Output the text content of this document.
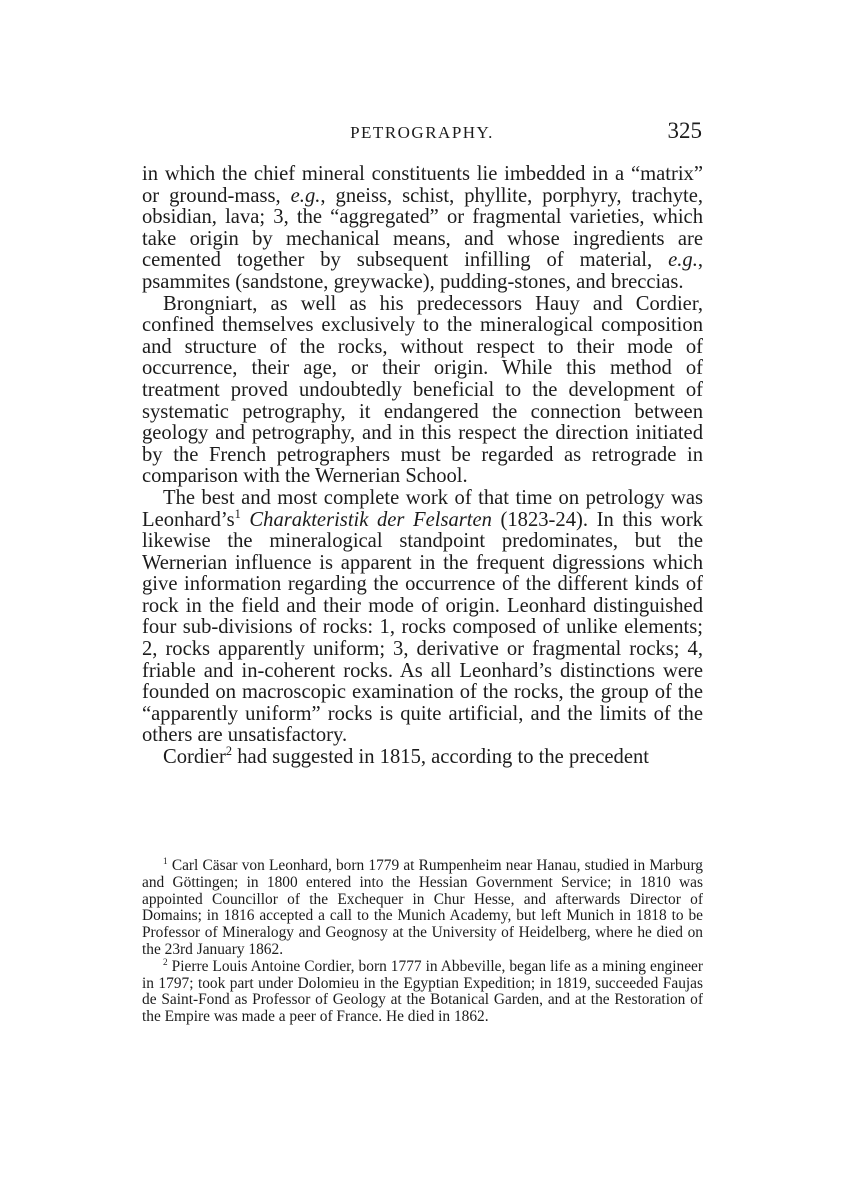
PETROGRAPHY.	325

in which the chief mineral constituents lie imbedded in a “matrix” or ground-mass, e.g., gneiss, schist, phyllite, porphyry, trachyte, obsidian, lava; 3, the “aggregated” or fragmental varieties, which take origin by mechanical means, and whose ingredients are cemented together by subsequent infilling of material, e.g., psammites (sandstone, greywacke), pudding-stones, and breccias.

Brongniart, as well as his predecessors Hauy and Cordier, confined themselves exclusively to the mineralogical composition and structure of the rocks, without respect to their mode of occurrence, their age, or their origin. While this method of treatment proved undoubtedly beneficial to the development of systematic petrography, it endangered the connection between geology and petrography, and in this respect the direction initiated by the French petrographers must be regarded as retrograde in comparison with the Wernerian School.

The best and most complete work of that time on petrology was $Leonhard’s^1$ Charakteristik der Felsarten (1823-24). In this work likewise the mineralogical standpoint predominates, but the Wernerian influence is apparent in the frequent digressions which give information regarding the occurrence of the different kinds of rock in the field and their mode of origin. Leonhard distinguished four sub-divisions of rocks: 1, rocks composed of unlike elements; 2, rocks apparently uniform; 3, derivative or fragmental rocks; 4, friable and in-coherent rocks. As all Leonhard’s distinctions were founded on macroscopic examination of the rocks, the group of the “apparently uniform” rocks is quite artificial, and the limits of the others are unsatisfactory.

Cordier$^2$ had suggested in 1815, according to the precedent

$^1$ Carl Cäsar von Leonhard, born 1779 at Rumpenheim near Hanau, studied in Marburg and Göttingen; in 1800 entered into the Hessian Government Service; in 1810 was appointed Councillor of the Exchequer in Chur Hesse, and afterwards Director of Domains; in 1816 accepted a call to the Munich Academy, but left Munich in 1818 to be Professor of Mineralogy and Geognosy at the University of Heidelberg, where he died on the 23rd January 1862.

$^2$ Pierre Louis Antoine Cordier, born 1777 in Abbeville, began life as a mining engineer in 1797; took part under Dolomieu in the Egyptian Expedition; in 1819, succeeded Faujas de Saint-Fond as Professor of Geology at the Botanical Garden, and at the Restoration of the Empire was made a peer of France. He died in 1862.
